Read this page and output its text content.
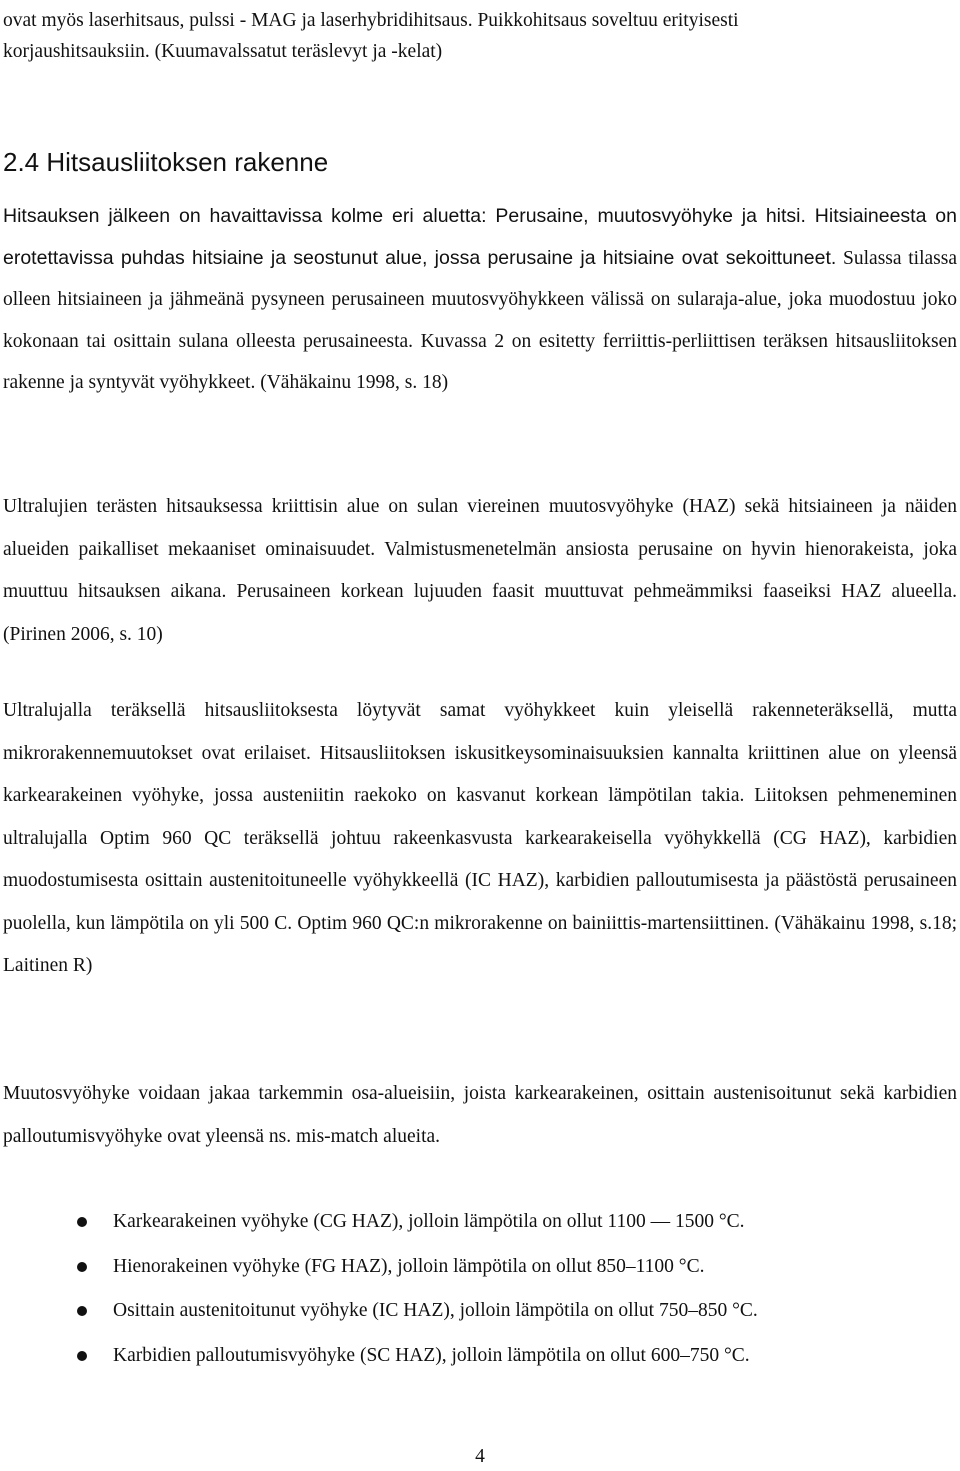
ovat myös laserhitsaus, pulssi - MAG ja laserhybridihitsaus. Puikkohitsaus soveltuu erityisesti

korjaushitsauksiin. (Kuumavalssatut teräslevyt ja -kelat)

2.4 Hitsausliitoksen rakenne

Hitsauksen jälkeen on havaittavissa kolme eri aluetta: Perusaine, muutosvyöhyke ja hitsi. Hitsiaineesta on erotettavissa puhdas hitsiaine ja seostunut alue, jossa perusaine ja hitsiaine ovat sekoittuneet. Sulassa tilassa olleen hitsiaineen ja jähmeänä pysyneen perusaineen muutosvyöhykkeen välissä on sularaja-alue, joka muodostuu joko kokonaan tai osittain sulana olleesta perusaineesta. Kuvassa 2 on esitetty ferriittis-perliittisen teräksen hitsausliitoksen rakenne ja syntyvät vyöhykkeet. (Vähäkainu 1998, s. 18)

Ultralujien terästen hitsauksessa kriittisin alue on sulan viereinen muutosvyöhyke (HAZ) sekä hitsiaineen ja näiden alueiden paikalliset mekaaniset ominaisuudet. Valmistusmenetelmän ansiosta perusaine on hyvin hienorakeista, joka muuttuu hitsauksen aikana. Perusaineen korkean lujuuden faasit muuttuvat pehmeämmiksi faaseiksi HAZ alueella. (Pirinen 2006, s. 10)

Ultralujalla teräksellä hitsausliitoksesta löytyvät samat vyöhykkeet kuin yleisellä rakenneteräksellä, mutta mikrorakennemuutokset ovat erilaiset. Hitsausliitoksen iskusitkeysominaisuuksien kannalta kriittinen alue on yleensä karkearakeinen vyöhyke, jossa austeniitin raekoko on kasvanut korkean lämpötilan takia. Liitoksen pehmeneminen ultralujalla Optim 960 QC teräksellä johtuu rakeenkasvusta karkearakeisella vyöhykkellä (CG HAZ), karbidien muodostumisesta osittain austenitoituneelle vyöhykkeellä (IC HAZ), karbidien palloutumisesta ja päästöstä perusaineen puolella, kun lämpötila on yli 500 C. Optim 960 QC:n mikrorakenne on bainiittis-martensiittinen. (Vähäkainu 1998, s.18; Laitinen R)

Muutosvyöhyke voidaan jakaa tarkemmin osa-alueisiin, joista karkearakeinen, osittain austenisoitunut sekä karbidien palloutumisvyöhyke ovat yleensä ns. mis-match alueita.

Karkearakeinen vyöhyke (CG HAZ), jolloin lämpötila on ollut 1100 — 1500 °C.
Hienorakeinen vyöhyke (FG HAZ), jolloin lämpötila on ollut 850–1100 °C.
Osittain austenitoitunut vyöhyke (IC HAZ), jolloin lämpötila on ollut 750–850 °C.
Karbidien palloutumisvyöhyke (SC HAZ), jolloin lämpötila on ollut 600–750 °C.
4
